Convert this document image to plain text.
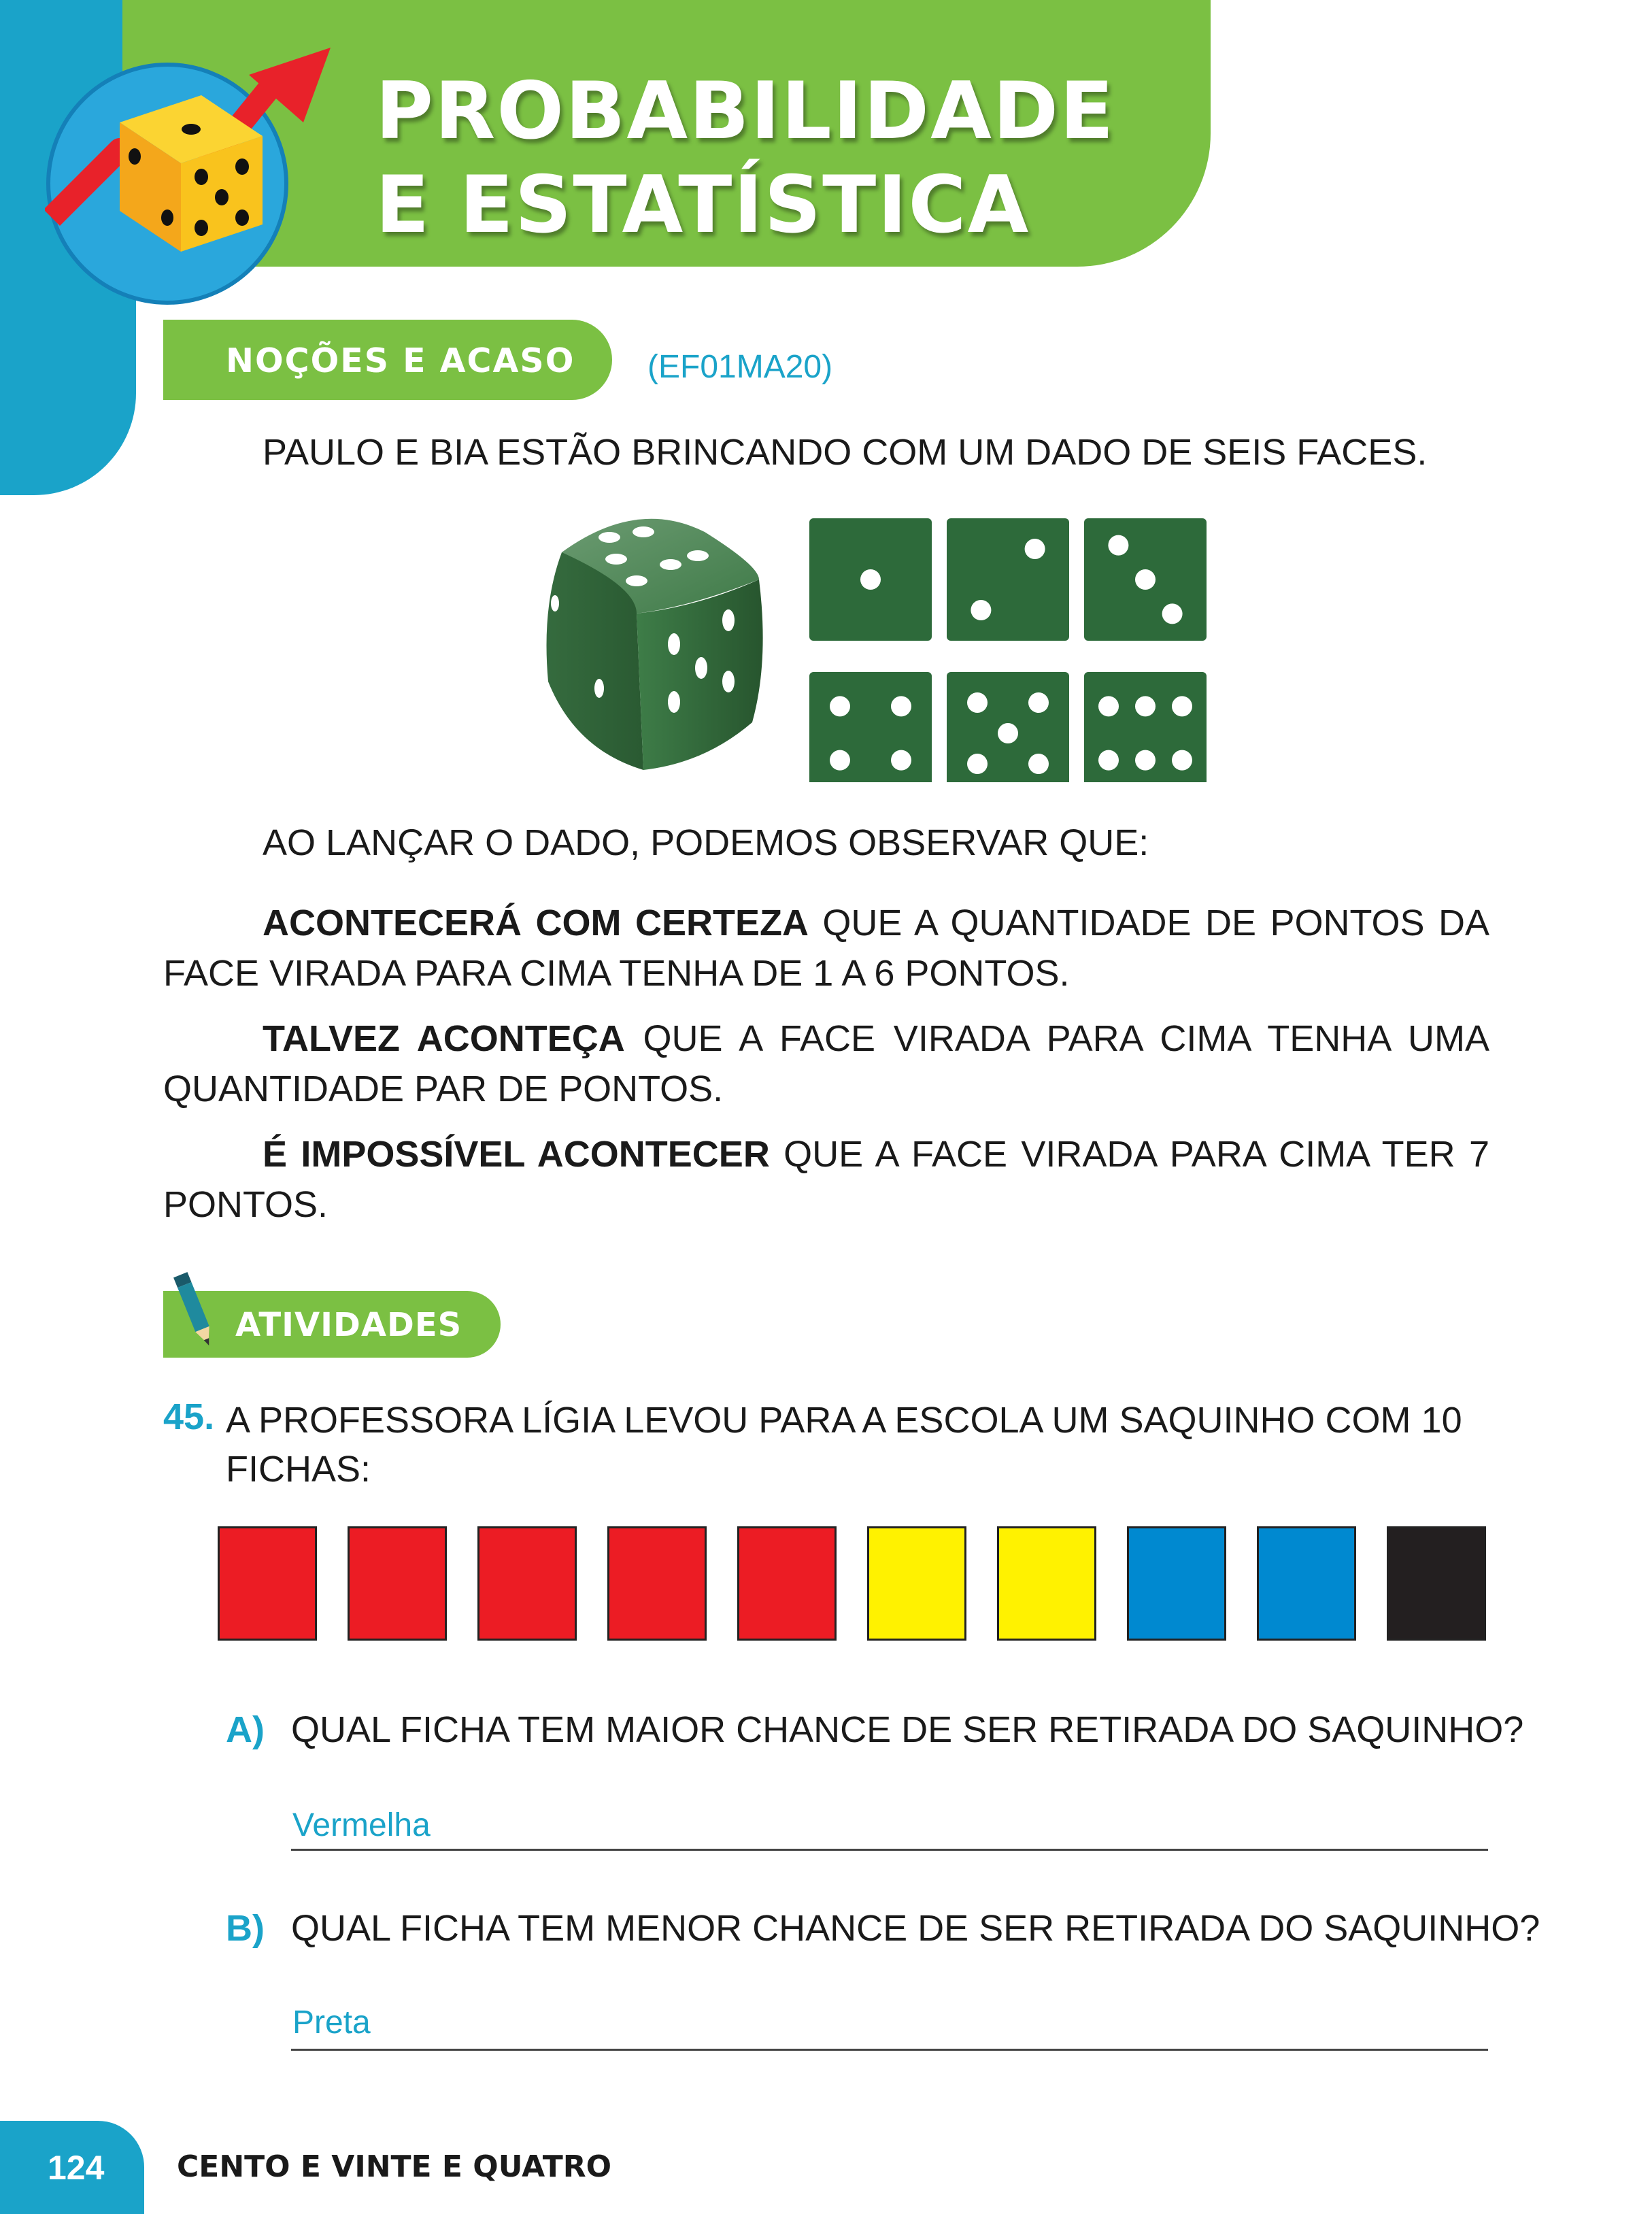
PROBABILIDADE
E ESTATÍSTICA
NOÇÕES E ACASO (EF01MA20)
PAULO E BIA ESTÃO BRINCANDO COM UM DADO DE SEIS FACES.
AO LANÇAR O DADO, PODEMOS OBSERVAR QUE:
ACONTECERÁ COM CERTEZA QUE A QUANTIDADE DE PONTOS DA FACE VIRADA PARA CIMA TENHA DE 1 A 6 PONTOS.
TALVEZ ACONTEÇA QUE A FACE VIRADA PARA CIMA TENHA UMA QUANTIDADE PAR DE PONTOS.
É IMPOSSÍVEL ACONTECER QUE A FACE VIRADA PARA CIMA TER 7 PONTOS.
ATIVIDADES
45. A PROFESSORA LÍGIA LEVOU PARA A ESCOLA UM SAQUINHO COM 10 FICHAS:
A) QUAL FICHA TEM MAIOR CHANCE DE SER RETIRADA DO SAQUINHO?
Vermelha
B) QUAL FICHA TEM MENOR CHANCE DE SER RETIRADA DO SAQUINHO?
Preta
124 CENTO E VINTE E QUATRO
